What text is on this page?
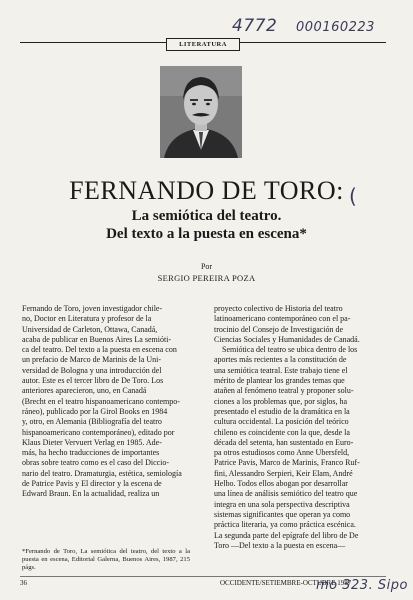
4772 000160223
LITERATURA
(
FERNANDO DE TORO:
La semiótica del teatro.
Del texto a la puesta en escena*
Por
SERGIO PEREIRA POZA

Fernando de Toro, joven investigador chile-

no, Doctor en Literatura y profesor de la

Universidad de Carleton, Ottawa, Canadá,

acaba de publicar en Buenos Aires La semióti-

ca del teatro. Del texto a la puesta en escena con

un prefacio de Marco de Marinis de la Uni-

versidad de Bologna y una introducción del

autor. Este es el tercer libro de De Toro. Los

anteriores aparecieron, uno, en Canadá

(Brecht en el teatro hispanoamericano contempo-

ráneo), publicado por la Girol Books en 1984

y, otro, en Alemania (Bibliografía del teatro

hispanoamericano contemporáneo), editado por

Klaus Dieter Vervuert Verlag en 1985. Ade-

más, ha hecho traducciones de importantes

obras sobre teatro como es el caso del Diccio-

nario del teatro. Dramaturgia, estética, semiología

de Patrice Pavis y El director y la escena de

Edward Braun. En la actualidad, realiza un

proyecto colectivo de Historia del teatro

latinoamericano contemporáneo con el pa-

trocinio del Consejo de Investigación de

Ciencias Sociales y Humanidades de Canadá.

Semiótica del teatro se ubica dentro de los

aportes más recientes a la constitución de

una semiótica teatral. Este trabajo tiene el

mérito de plantear los grandes temas que

atañen al fenómeno teatral y proponer solu-

ciones a los problemas que, por siglos, ha

presentado el estudio de la dramática en la

cultura occidental. La posición del teórico

chileno es coincidente con la que, desde la

década del setenta, han sustentado en Euro-

pa otros estudiosos como Anne Ubersfeld,

Patrice Pavis, Marco de Marinis, Franco Ruf-

fini, Alessandro Serpieri, Keir Elam, André

Helbo. Todos ellos abogan por desarrollar

una línea de análisis semiótico del teatro que

integra en una sola perspectiva descriptiva

sistemas significantes que operan ya como

práctica literaria, ya como práctica escénica.

La segunda parte del epígrafe del libro de De

Toro —Del texto a la puesta en escena—

*Fernando de Toro, La semiótica del teatro, del texto a la puesta en escena, Editorial Galerna, Buenos Aires, 1987, 215 págs.
36	OCCIDENTE/SETIEMBRE-OCTUBRE 1987
mo 323. Sipo
